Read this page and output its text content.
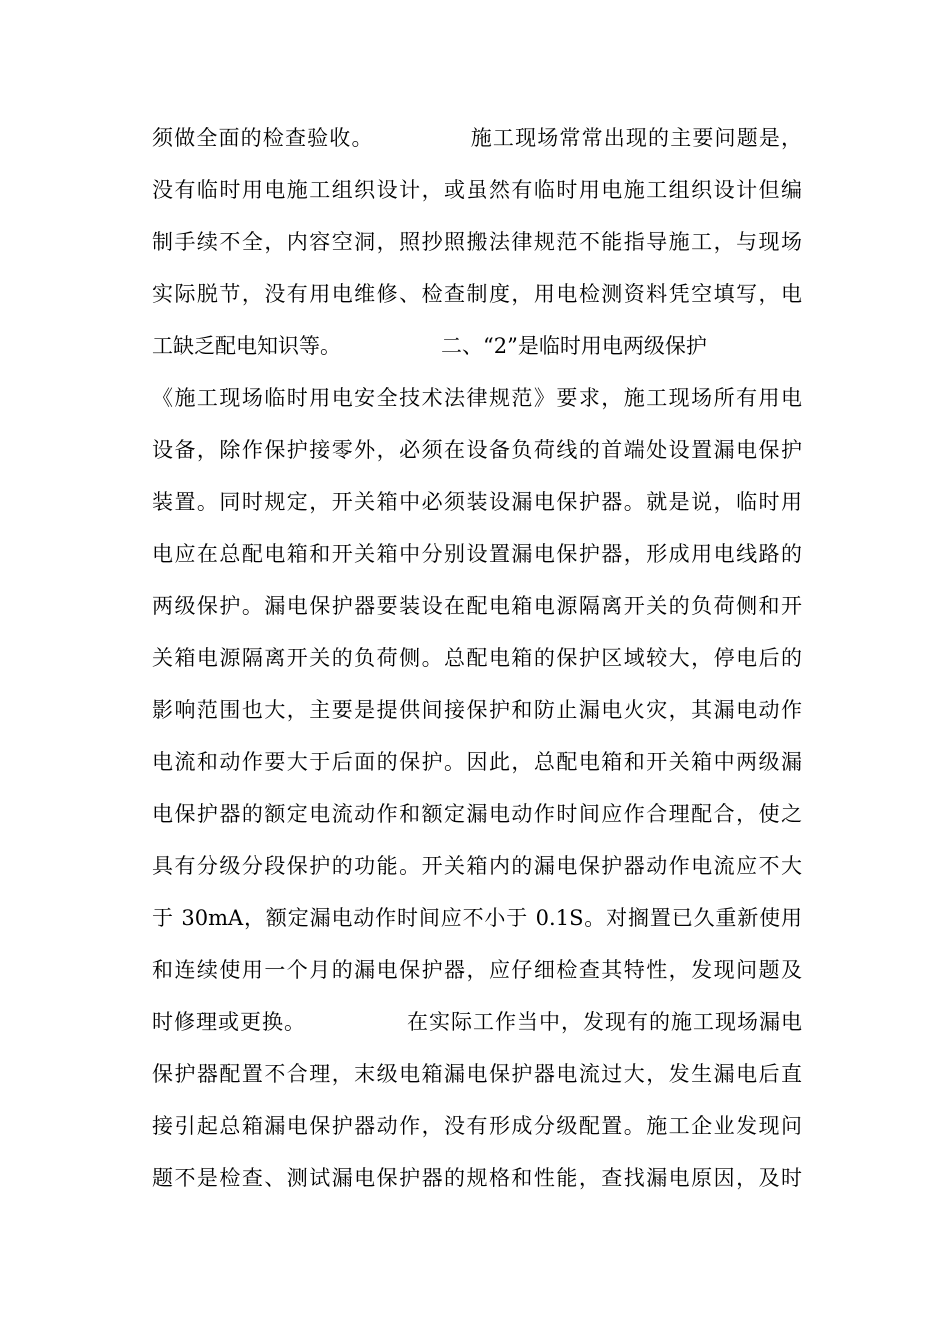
须做全面的检查验收。	施工现场常常出现的主要问题是，
没有临时用电施工组织设计，或虽然有临时用电施工组织设计但编
制手续不全，内容空洞，照抄照搬法律规范不能指导施工，与现场
实际脱节，没有用电维修、检查制度，用电检测资料凭空填写，电
工缺乏配电知识等。	二、“2”是临时用电两级保护
《施工现场临时用电安全技术法律规范》要求，施工现场所有用电
设备，除作保护接零外，必须在设备负荷线的首端处设置漏电保护
装置。同时规定，开关箱中必须装设漏电保护器。就是说，临时用
电应在总配电箱和开关箱中分别设置漏电保护器，形成用电线路的
两级保护。漏电保护器要装设在配电箱电源隔离开关的负荷侧和开
关箱电源隔离开关的负荷侧。总配电箱的保护区域较大，停电后的
影响范围也大，主要是提供间接保护和防止漏电火灾，其漏电动作
电流和动作要大于后面的保护。因此，总配电箱和开关箱中两级漏
电保护器的额定电流动作和额定漏电动作时间应作合理配合，使之
具有分级分段保护的功能。开关箱内的漏电保护器动作电流应不大
于 30mA，额定漏电动作时间应不小于 0.1S。对搁置已久重新使用
和连续使用一个月的漏电保护器，应仔细检查其特性，发现问题及
时修理或更换。	在实际工作当中，发现有的施工现场漏电
保护器配置不合理，末级电箱漏电保护器电流过大，发生漏电后直
接引起总箱漏电保护器动作，没有形成分级配置。施工企业发现问
题不是检查、测试漏电保护器的规格和性能，查找漏电原因，及时
